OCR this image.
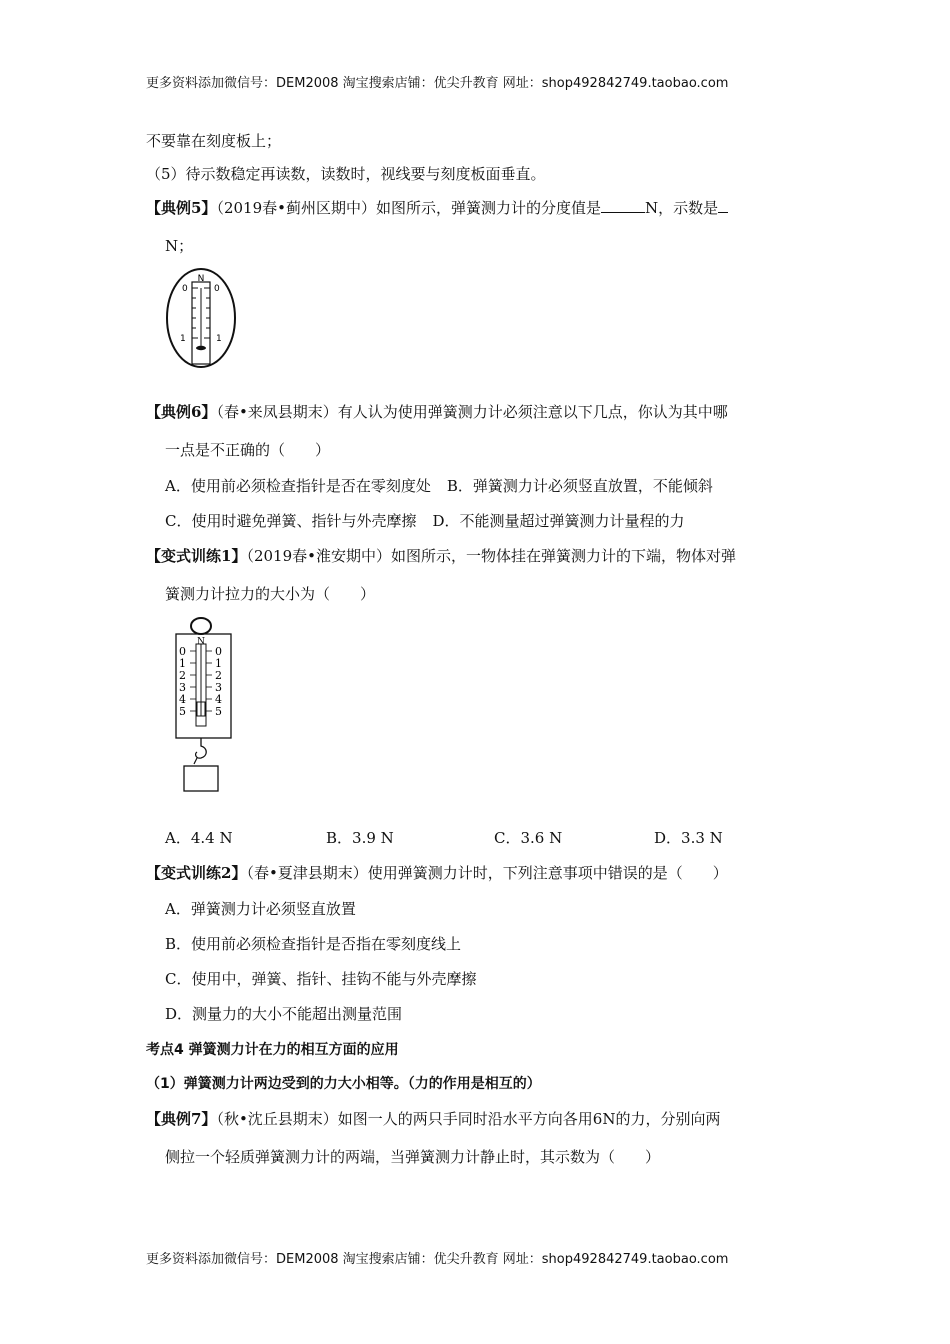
更多资料添加微信号：DEM2008 淘宝搜索店铺：优尖升教育 网址：shop492842749.taobao.com
不要靠在刻度板上；
（5）待示数稳定再读数，读数时，视线要与刻度板面垂直。
【典例5】（2019春•蓟州区期中）如图所示，弹簧测力计的分度值是	N，示数是
N；
N
0	0
1	1
【典例6】（春•来凤县期末）有人认为使用弹簧测力计必须注意以下几点，你认为其中哪
一点是不正确的（　　）
A．使用前必须检查指针是否在零刻度处 B．弹簧测力计必须竖直放置，不能倾斜
C．使用时避免弹簧、指针与外壳摩擦 D．不能测量超过弹簧测力计量程的力
【变式训练1】（2019春•淮安期中）如图所示，一物体挂在弹簧测力计的下端，物体对弹
簧测力计拉力的大小为（　　）
N
0
1
2
3
4
5
0
1
2
3
4
5
A．4.4 N	B．3.9 N	C．3.6 N	D．3.3 N
【变式训练2】（春•夏津县期末）使用弹簧测力计时，下列注意事项中错误的是（　　）
A．弹簧测力计必须竖直放置
B．使用前必须检查指针是否指在零刻度线上
C．使用中，弹簧、指针、挂钩不能与外壳摩擦
D．测量力的大小不能超出测量范围
考点4 弹簧测力计在力的相互方面的应用
（1）弹簧测力计两边受到的力大小相等。（力的作用是相互的）
【典例7】（秋•沈丘县期末）如图一人的两只手同时沿水平方向各用6N的力，分别向两
侧拉一个轻质弹簧测力计的两端，当弹簧测力计静止时，其示数为（　　）
更多资料添加微信号：DEM2008 淘宝搜索店铺：优尖升教育 网址：shop492842749.taobao.com
